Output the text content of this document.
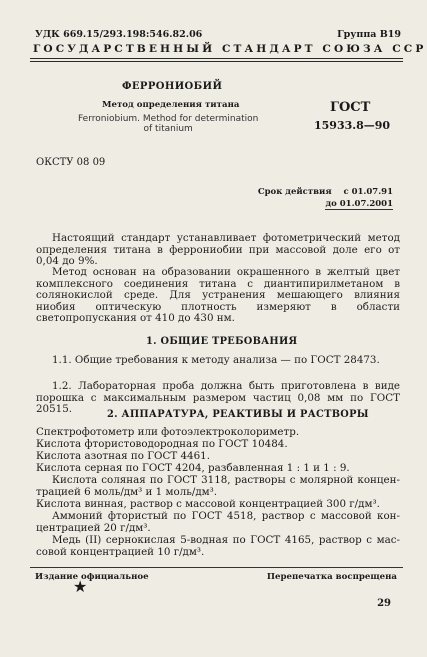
УДК 669.15/293.198:546.82.06	Группа В19
ГОСУДАРСТВЕННЫЙ СТАНДАРТ СОЮЗА ССР
ФЕРРОНИОБИЙ
Метод определения титана
Ferroniobium. Method for determination
of titanium
ГОСТ
15933.8—90
ОКСТУ 08 09
Срок действия с 01.07.91
до 01.07.2001
Настоящий стандарт устанавливает фотометрический метод определения титана в феррониобии при массовой доле его от 0,04 до 9%.
Метод основан на образовании окрашенного в желтый цвет комплексного соединения титана с диантипирилметаном в солянокислой среде. Для устранения мешающего влияния ниобия оптическую плотность измеряют в области светопропускания от 410 до 430 нм.
1. ОБЩИЕ ТРЕБОВАНИЯ
1.1. Общие требования к методу анализа — по ГОСТ 28473.
1.2. Лабораторная проба должна быть приготовлена в виде порошка с максимальным размером частиц 0,08 мм по ГОСТ 20515.	2. АППАРАТУРА, РЕАКТИВЫ И РАСТВОРЫ
Спектрофотометр или фотоэлектроколориметр.
Кислота фтористоводородная по ГОСТ 10484.
Кислота азотная по ГОСТ 4461.
Кислота серная по ГОСТ 4204, разбавленная 1 : 1 и 1 : 9.
Кислота соляная по ГОСТ 3118, растворы с молярной концентрацией 6 моль/дм³ и 1 моль/дм³.
Кислота винная, раствор с массовой концентрацией 300 г/дм³.
Аммоний фтористый по ГОСТ 4518, раствор с массовой концентрацией 20 г/дм³.
Медь (II) сернокислая 5-водная по ГОСТ 4165, раствор с массовой концентрацией 10 г/дм³.
Издание официальное	Перепечатка воспрещена
★
29
